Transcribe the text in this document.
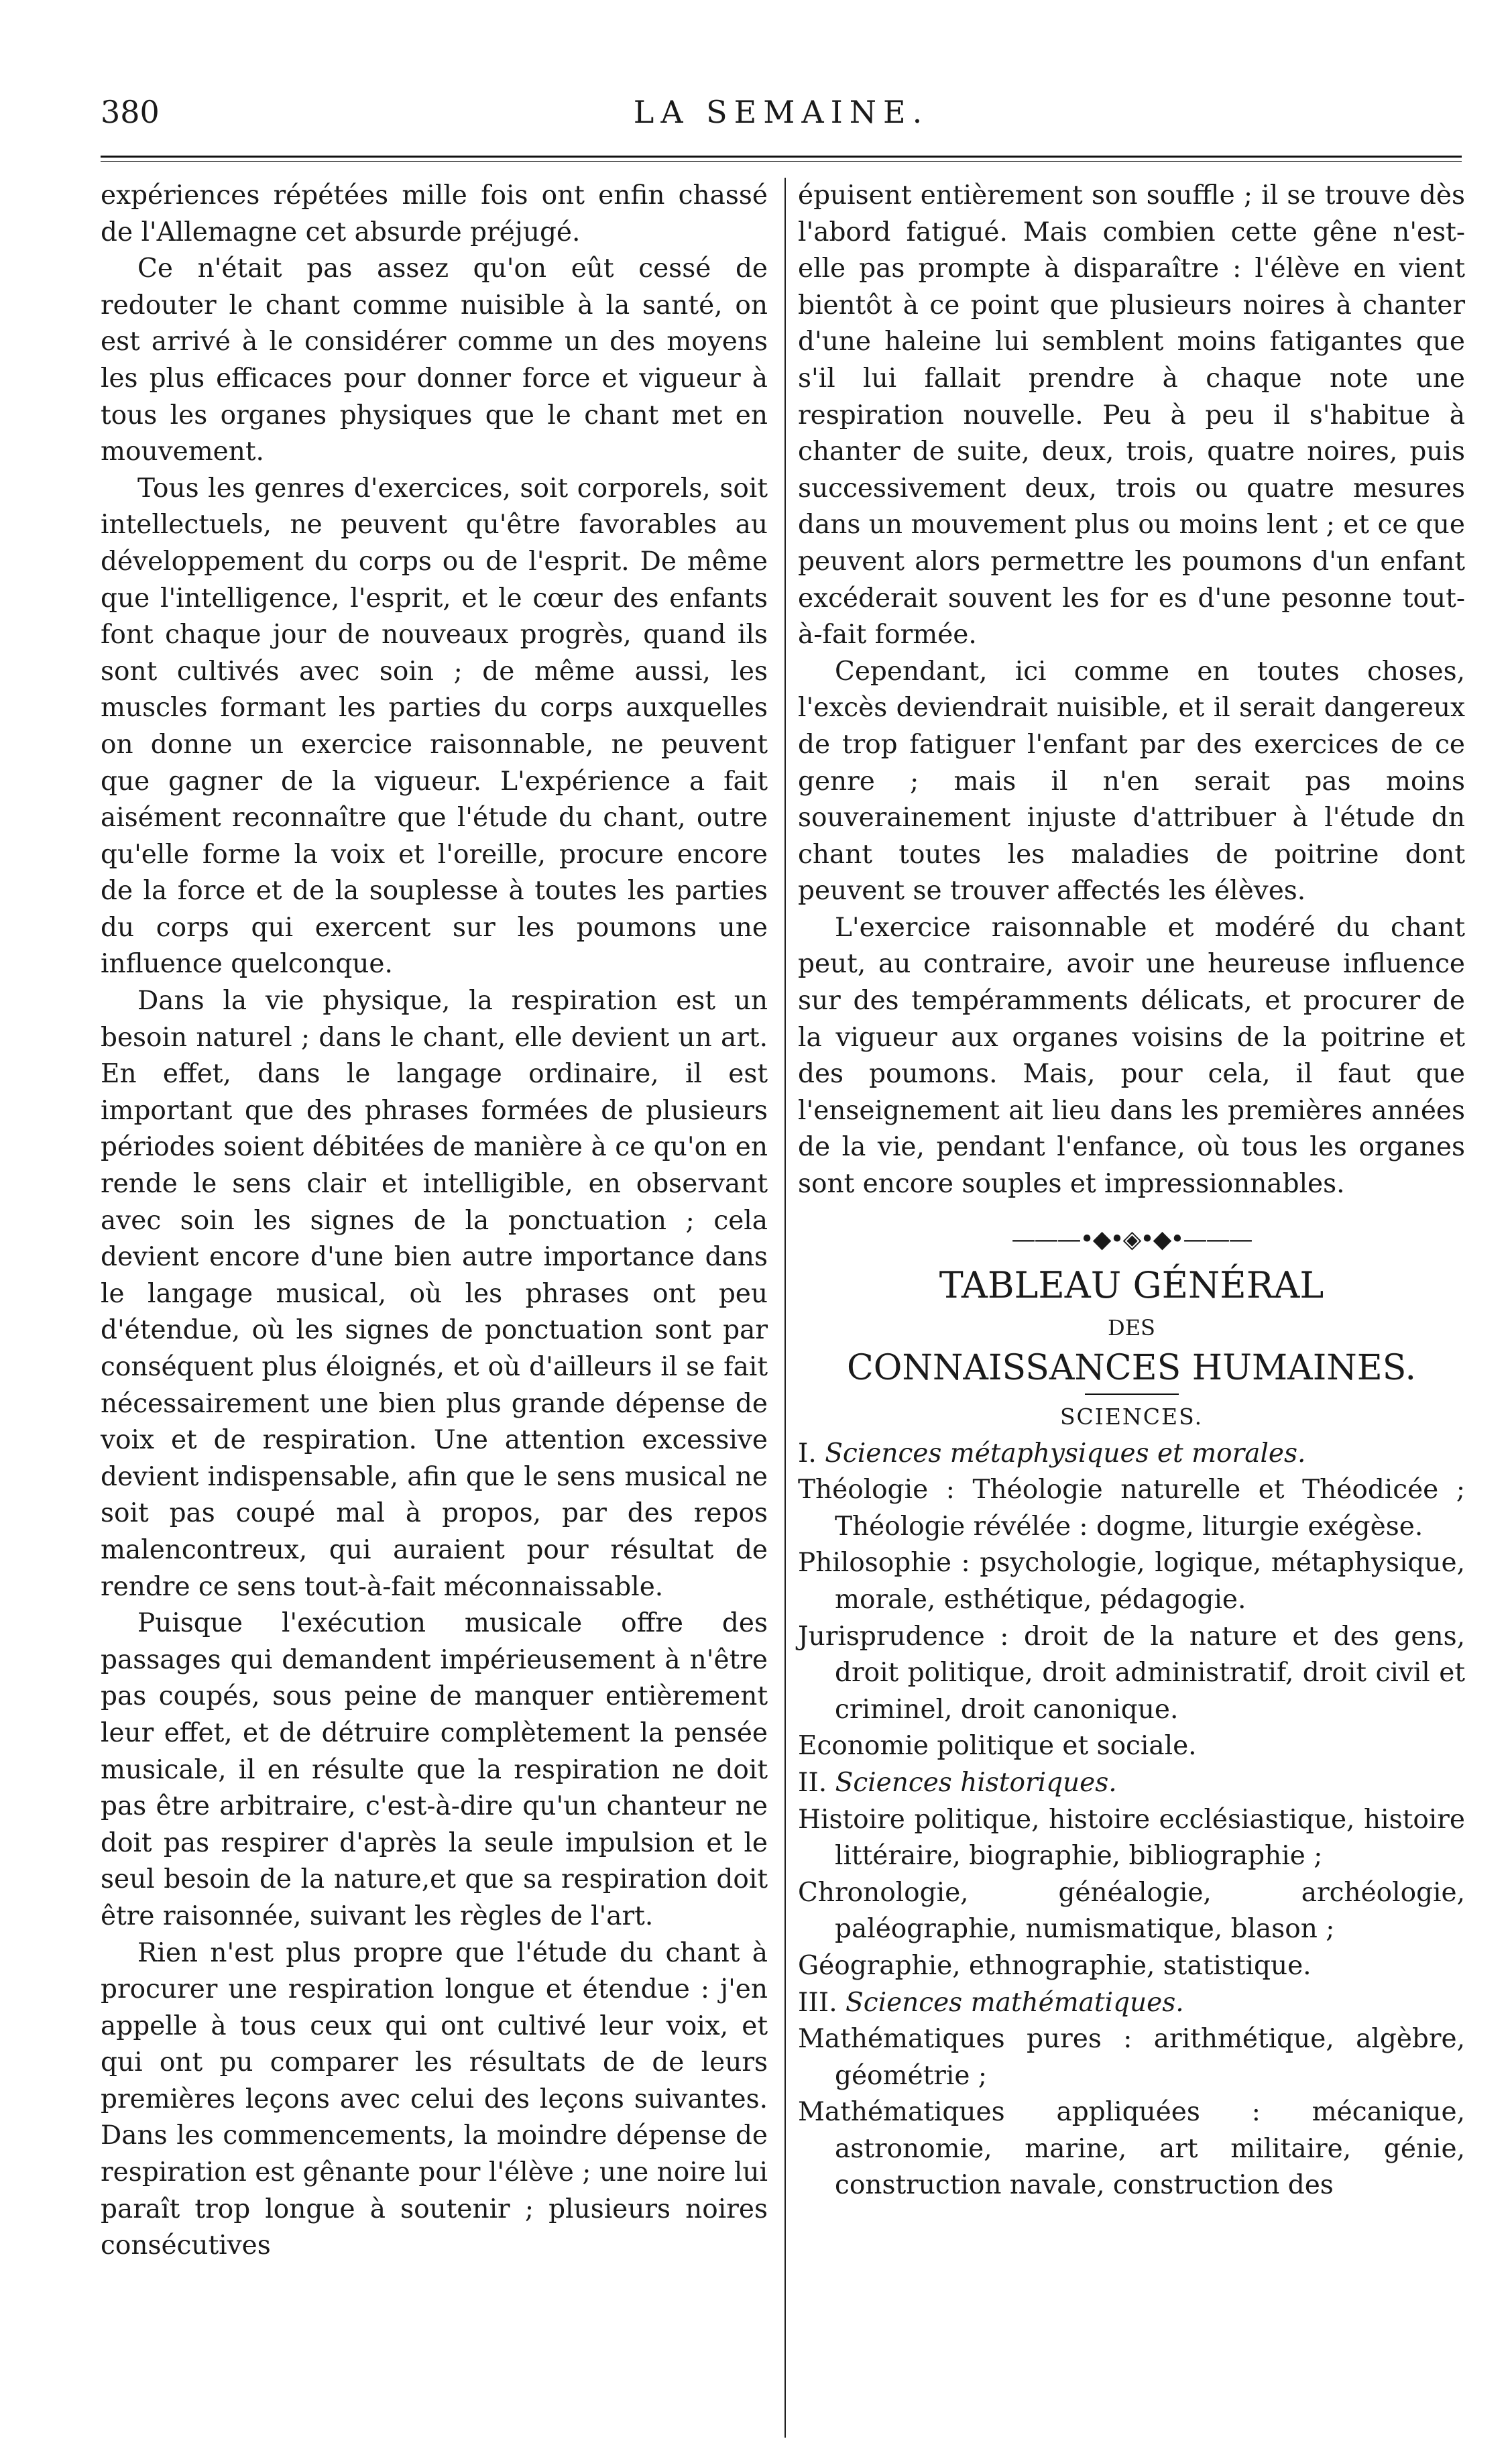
380	LA SEMAINE.

expériences répétées mille fois ont enfin chassé de l'Allemagne cet absurde préjugé.

Ce n'était pas assez qu'on eût cessé de redouter le chant comme nuisible à la santé, on est arrivé à le considérer comme un des moyens les plus efficaces pour donner force et vigueur à tous les organes physiques que le chant met en mouvement.

Tous les genres d'exercices, soit corporels, soit intellectuels, ne peuvent qu'être favorables au développement du corps ou de l'esprit. De même que l'intelligence, l'esprit, et le cœur des enfants font chaque jour de nouveaux progrès, quand ils sont cultivés avec soin ; de même aussi, les muscles formant les parties du corps auxquelles on donne un exercice raisonnable, ne peuvent que gagner de la vigueur. L'expérience a fait aisément reconnaître que l'étude du chant, outre qu'elle forme la voix et l'oreille, procure encore de la force et de la souplesse à toutes les parties du corps qui exercent sur les poumons une influence quelconque.

Dans la vie physique, la respiration est un besoin naturel ; dans le chant, elle devient un art. En effet, dans le langage ordinaire, il est important que des phrases formées de plusieurs périodes soient débitées de manière à ce qu'on en rende le sens clair et intelligible, en observant avec soin les signes de la ponctuation ; cela devient encore d'une bien autre importance dans le langage musical, où les phrases ont peu d'étendue, où les signes de ponctuation sont par conséquent plus éloignés, et où d'ailleurs il se fait nécessairement une bien plus grande dépense de voix et de respiration. Une attention excessive devient indispensable, afin que le sens musical ne soit pas coupé mal à propos, par des repos malencontreux, qui auraient pour résultat de rendre ce sens tout-à-fait méconnaissable.

Puisque l'exécution musicale offre des passages qui demandent impérieusement à n'être pas coupés, sous peine de manquer entièrement leur effet, et de détruire complètement la pensée musicale, il en résulte que la respiration ne doit pas être arbitraire, c'est-à-dire qu'un chanteur ne doit pas respirer d'après la seule impulsion et le seul besoin de la nature,et que sa respiration doit être raisonnée, suivant les règles de l'art.

Rien n'est plus propre que l'étude du chant à procurer une respiration longue et étendue : j'en appelle à tous ceux qui ont cultivé leur voix, et qui ont pu comparer les résultats de de leurs premières leçons avec celui des leçons suivantes. Dans les commencements, la moindre dépense de respiration est gênante pour l'élève ; une noire lui paraît trop longue à soutenir ; plusieurs noires consécutives

épuisent entièrement son souffle ; il se trouve dès l'abord fatigué. Mais combien cette gêne n'est-elle pas prompte à disparaître : l'élève en vient bientôt à ce point que plusieurs noires à chanter d'une haleine lui semblent moins fatigantes que s'il lui fallait prendre à chaque note une respiration nouvelle. Peu à peu il s'habitue à chanter de suite, deux, trois, quatre noires, puis successivement deux, trois ou quatre mesures dans un mouvement plus ou moins lent ; et ce que peuvent alors permettre les poumons d'un enfant excéderait souvent les for es d'une pesonne tout-à-fait formée.

Cependant, ici comme en toutes choses, l'excès deviendrait nuisible, et il serait dangereux de trop fatiguer l'enfant par des exercices de ce genre ; mais il n'en serait pas moins souverainement injuste d'attribuer à l'étude dn chant toutes les maladies de poitrine dont peuvent se trouver affectés les élèves.

L'exercice raisonnable et modéré du chant peut, au contraire, avoir une heureuse influence sur des tempéramments délicats, et procurer de la vigueur aux organes voisins de la poitrine et des poumons. Mais, pour cela, il faut que l'enseignement ait lieu dans les premières années de la vie, pendant l'enfance, où tous les organes sont encore souples et impressionnables.

———•◆•◈•◆•———
TABLEAU GÉNÉRAL
DES
CONNAISSANCES HUMAINES.
SCIENCES.
I. Sciences métaphysiques et morales.

Théologie : Théologie naturelle et Théodicée ; Théologie révélée : dogme, liturgie exégèse.

Philosophie : psychologie, logique, métaphysique, morale, esthétique, pédagogie.

Jurisprudence : droit de la nature et des gens, droit politique, droit administratif, droit civil et criminel, droit canonique.

Economie politique et sociale.

II. Sciences historiques.

Histoire politique, histoire ecclésiastique, histoire littéraire, biographie, bibliographie ;

Chronologie, généalogie, archéologie, paléographie, numismatique, blason ;

Géographie, ethnographie, statistique.

III. Sciences mathématiques.

Mathématiques pures : arithmétique, algèbre, géométrie ;

Mathématiques appliquées : mécanique, astronomie, marine, art militaire, génie, construction navale, construction des
